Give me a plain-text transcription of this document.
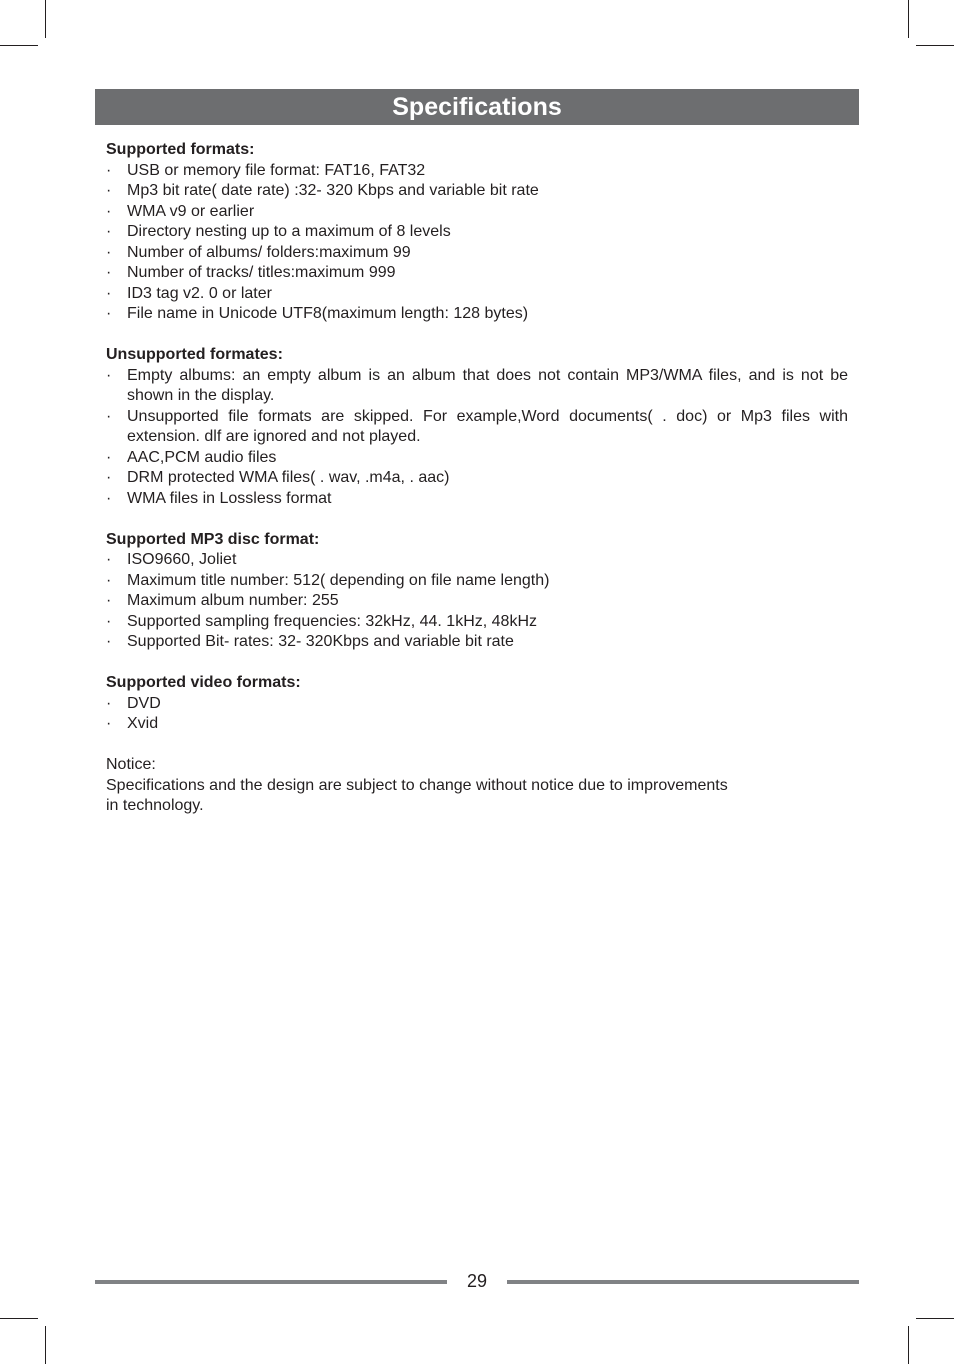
Specifications
Supported formats:
· USB or memory file format: FAT16, FAT32
· Mp3 bit rate( date rate) :32- 320 Kbps and variable bit rate
· WMA v9 or earlier
· Directory nesting up to a maximum of 8 levels
· Number of albums/ folders:maximum 99
· Number of tracks/ titles:maximum 999
· ID3 tag v2. 0 or later
· File name in Unicode UTF8(maximum length: 128 bytes)
Unsupported formates:
· Empty albums: an empty album is an album that does not contain MP3/WMA files, and is not be shown in the display.
· Unsupported file formats are skipped. For example,Word documents( . doc) or Mp3 files with extension. dlf are ignored and not played.
· AAC,PCM audio files
· DRM protected WMA files( . wav, .m4a, . aac)
· WMA files in Lossless format
Supported MP3 disc format:
· ISO9660, Joliet
· Maximum title number: 512( depending on file name length)
· Maximum album number: 255
· Supported sampling frequencies: 32kHz, 44. 1kHz, 48kHz
· Supported Bit- rates: 32- 320Kbps and variable bit rate
Supported video formats:
· DVD
· Xvid
Notice:
Specifications and the design are subject to change without notice due to improvements
in technology.
29
